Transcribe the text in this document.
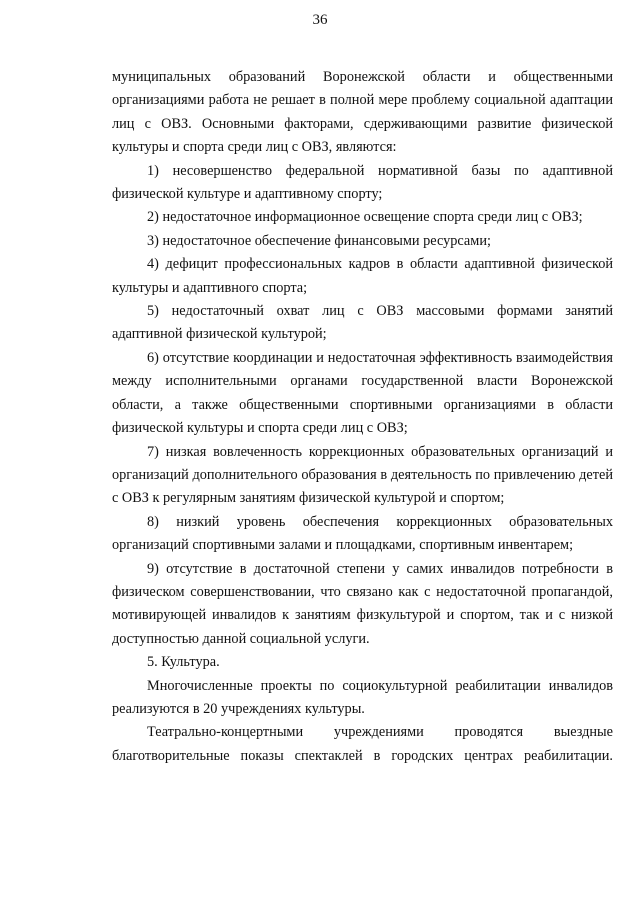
36

муниципальных образований Воронежской области и общественными организациями работа не решает в полной мере проблему социальной адаптации лиц с ОВЗ. Основными факторами, сдерживающими развитие физической культуры и спорта среди лиц с ОВЗ, являются:

1) несовершенство федеральной нормативной базы по адаптивной физической культуре и адаптивному спорту;

2) недостаточное информационное освещение спорта среди лиц с ОВЗ;

3) недостаточное обеспечение финансовыми ресурсами;

4) дефицит профессиональных кадров в области адаптивной физической культуры и адаптивного спорта;

5) недостаточный охват лиц с ОВЗ массовыми формами занятий адаптивной физической культурой;

6) отсутствие координации и недостаточная эффективность взаимодействия между исполнительными органами государственной власти Воронежской области, а также общественными спортивными организациями в области физической культуры и спорта среди лиц с ОВЗ;

7) низкая вовлеченность коррекционных образовательных организаций и организаций дополнительного образования в деятельность по привлечению детей с ОВЗ к регулярным занятиям физической культурой и спортом;

8) низкий уровень обеспечения коррекционных образовательных организаций спортивными залами и площадками, спортивным инвентарем;

9) отсутствие в достаточной степени у самих инвалидов потребности в физическом совершенствовании, что связано как с недостаточной пропагандой, мотивирующей инвалидов к занятиям физкультурой и спортом, так и с низкой доступностью данной социальной услуги.

5. Культура.

Многочисленные проекты по социокультурной реабилитации инвалидов реализуются в 20 учреждениях культуры.

Театрально-концертными учреждениями проводятся выездные благотворительные показы спектаклей в городских центрах реабилитации.
